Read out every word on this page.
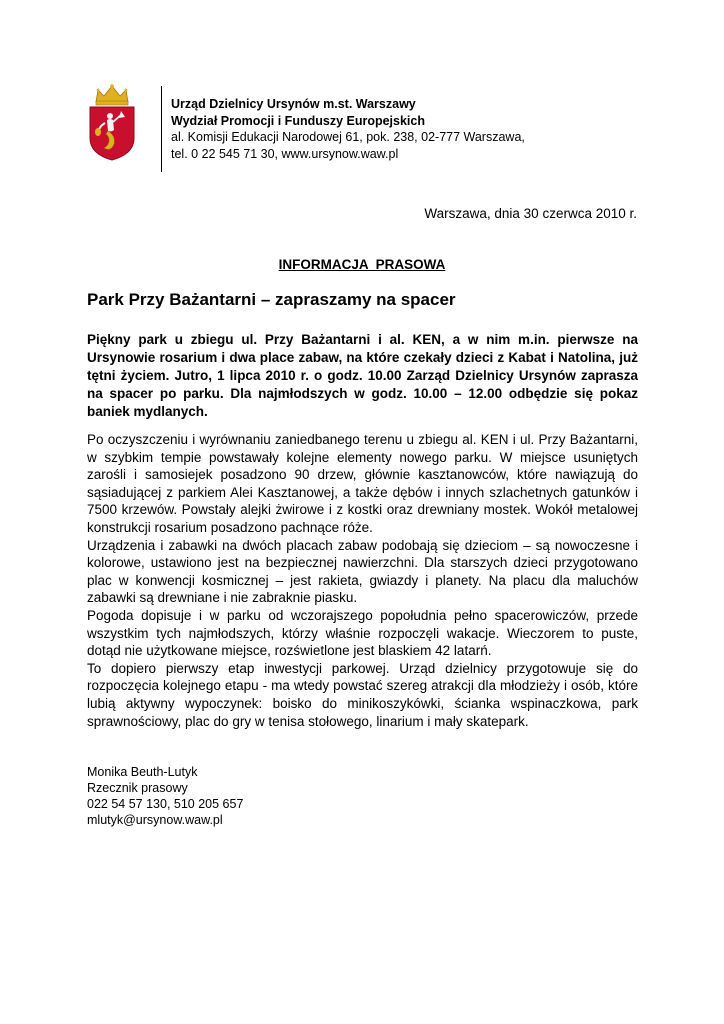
Urząd Dzielnicy Ursynów m.st. Warszawy
Wydział Promocji i Funduszy Europejskich
al. Komisji Edukacji Narodowej 61, pok. 238, 02-777 Warszawa,
tel. 0 22 545 71 30, www.ursynow.waw.pl
Warszawa, dnia 30 czerwca 2010 r.
INFORMACJA  PRASOWA
Park Przy Bażantarni – zapraszamy na spacer
Piękny park u zbiegu ul. Przy Bażantarni i al. KEN, a w nim m.in. pierwsze na Ursynowie rosarium i dwa place zabaw, na które czekały dzieci z Kabat i Natolina, już tętni życiem. Jutro, 1 lipca 2010 r. o godz. 10.00 Zarząd Dzielnicy Ursynów zaprasza na spacer po parku. Dla najmłodszych w godz. 10.00 – 12.00 odbędzie się pokaz baniek mydlanych.

Po oczyszczeniu i wyrównaniu zaniedbanego terenu u zbiegu al. KEN i ul. Przy Bażantarni, w szybkim tempie powstawały kolejne elementy nowego parku. W miejsce usuniętych zarośli i samosiejek posadzono 90 drzew, głównie kasztanowców, które nawiązują do sąsiadującej z parkiem Alei Kasztanowej, a także dębów i innych szlachetnych gatunków i 7500 krzewów. Powstały alejki żwirowe i z kostki oraz drewniany mostek. Wokół metalowej konstrukcji rosarium posadzono pachnące róże.

Urządzenia i zabawki na dwóch placach zabaw podobają się dzieciom – są nowoczesne i kolorowe, ustawiono jest na bezpiecznej nawierzchni. Dla starszych dzieci przygotowano plac w konwencji kosmicznej – jest rakieta, gwiazdy i planety. Na placu dla maluchów zabawki są drewniane i nie zabraknie piasku.

Pogoda dopisuje i w parku od wczorajszego popołudnia pełno spacerowiczów, przede wszystkim tych najmłodszych, którzy właśnie rozpoczęli wakacje. Wieczorem to puste, dotąd nie użytkowane miejsce, rozświetlone jest blaskiem 42 latarń.

To dopiero pierwszy etap inwestycji parkowej. Urząd dzielnicy przygotowuje się do rozpoczęcia kolejnego etapu - ma wtedy powstać szereg atrakcji dla młodzieży i osób, które lubią aktywny wypoczynek: boisko do minikoszykówki, ścianka wspinaczkowa, park sprawnościowy, plac do gry w tenisa stołowego, linarium i mały skatepark.

Monika Beuth-Lutyk
Rzecznik prasowy
022 54 57 130, 510 205 657
mlutyk@ursynow.waw.pl
